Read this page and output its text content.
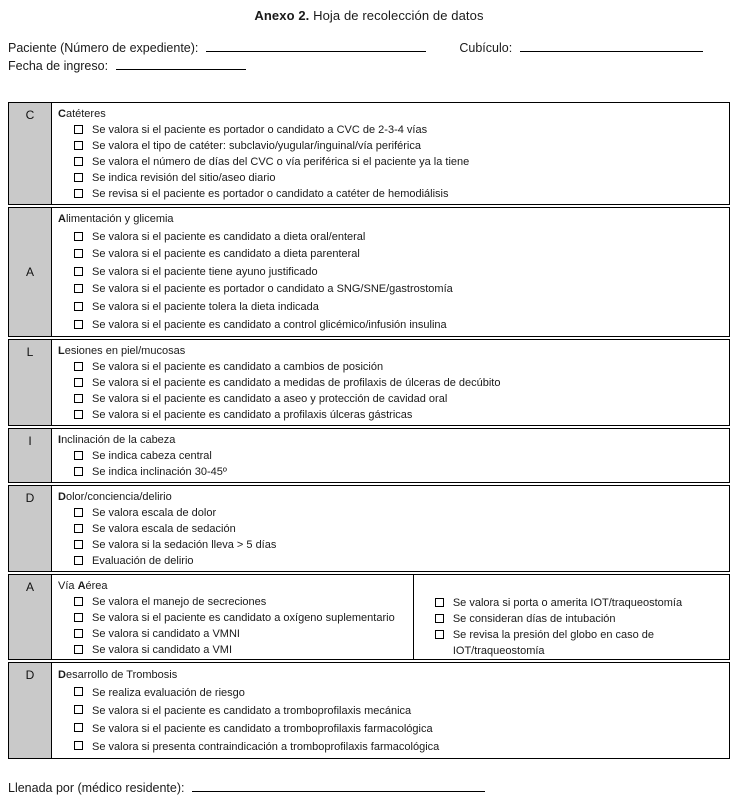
Anexo 2. Hoja de recolección de datos
Paciente (Número de expediente):	Cubículo:
Fecha de ingreso:
C	Catéteres
Se valora si el paciente es portador o candidato a CVC de 2-3-4 vías
Se valora el tipo de catéter: subclavio/yugular/inguinal/vía periférica
Se valora el número de días del CVC o vía periférica si el paciente ya la tiene
Se indica revisión del sitio/aseo diario
Se revisa si el paciente es portador o candidato a catéter de hemodiálisis
A
Alimentación y glicemia
Se valora si el paciente es candidato a dieta oral/enteral
Se valora si el paciente es candidato a dieta parenteral
Se valora si el paciente tiene ayuno justificado
Se valora si el paciente es portador o candidato a SNG/SNE/gastrostomía
Se valora si el paciente tolera la dieta indicada
Se valora si el paciente es candidato a control glicémico/infusión insulina
L	Lesiones en piel/mucosas
Se valora si el paciente es candidato a cambios de posición
Se valora si el paciente es candidato a medidas de profilaxis de úlceras de decúbito
Se valora si el paciente es candidato a aseo y protección de cavidad oral
Se valora si el paciente es candidato a profilaxis úlceras gástricas
I	Inclinación de la cabeza
Se indica cabeza central
Se indica inclinación 30-45º
D	Dolor/conciencia/delirio
Se valora escala de dolor
Se valora escala de sedación
Se valora si la sedación lleva > 5 días
Evaluación de delirio
A	Vía Aérea
Se valora el manejo de secreciones
Se valora si el paciente es candidato a oxígeno suplementario
Se valora si candidato a VMNI
Se valora si candidato a VMI
Se valora si porta o amerita IOT/traqueostomía
Se consideran días de intubación
Se revisa la presión del globo en caso de IOT/traqueostomía
D	Desarrollo de Trombosis
Se realiza evaluación de riesgo
Se valora si el paciente es candidato a tromboprofilaxis mecánica
Se valora si el paciente es candidato a tromboprofilaxis farmacológica
Se valora si presenta contraindicación a tromboprofilaxis farmacológica
Llenada por (médico residente):
